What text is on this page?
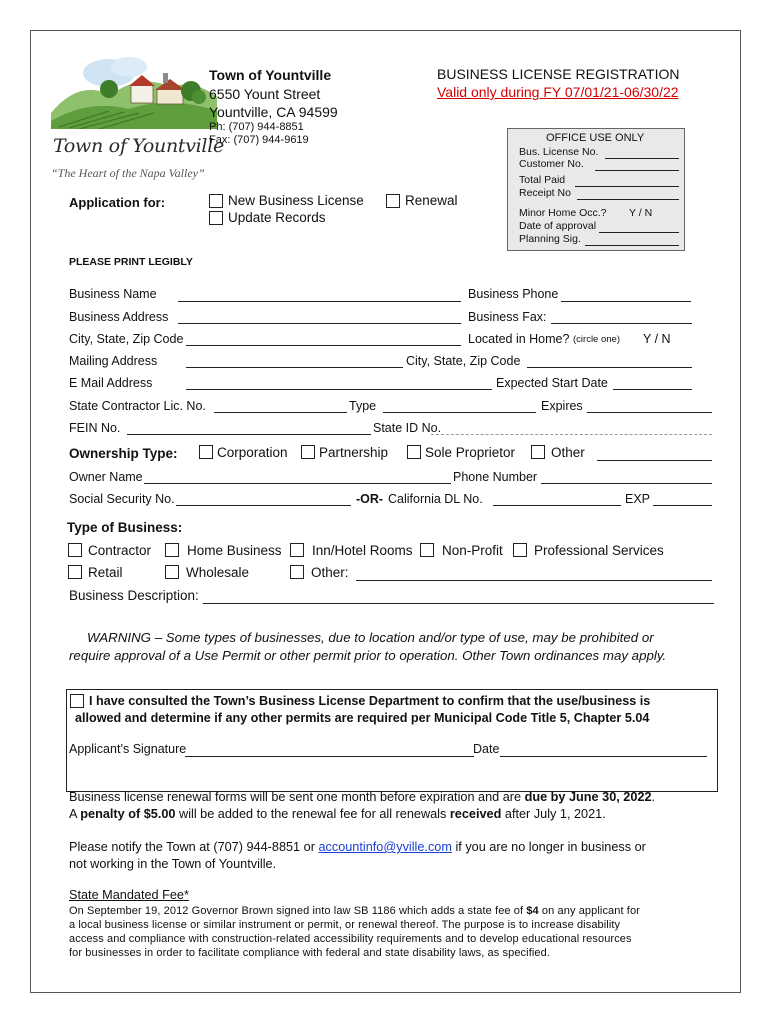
Town of Yountville
“The Heart of the Napa Valley”
Town of Yountville
6550 Yount Street
Yountville, CA 94599
Ph: (707) 944-8851
Fax: (707) 944-9619
BUSINESS LICENSE REGISTRATION
Valid only during FY 07/01/21-06/30/22
OFFICE USE ONLY
Bus. License No.
Customer No.
Total Paid
Receipt No
Minor Home Occ.? Y / N
Date of approval
Planning Sig.
Application for:	New Business License	Renewal
Update Records
PLEASE PRINT LEGIBLY
Business Name	Business Phone
Business Address	Business Fax:
City, State, Zip Code	Located in Home? (circle one) Y / N
Mailing Address	City, State, Zip Code
E Mail Address	Expected Start Date
State Contractor Lic. No.	Type	Expires
FEIN No.	State ID No.
Ownership Type:	Corporation Partnership	Sole Proprietor	Other
Owner Name	Phone Number
Social Security No.	-OR- California DL No.	EXP
Type of Business:
Contractor	Home Business Inn/Hotel Rooms Non-Profit Professional Services
Retail	Wholesale	Other:
Business Description:
WARNING – Some types of businesses, due to location and/or type of use, may be prohibited or
require approval of a Use Permit or other permit prior to operation. Other Town ordinances may apply.
I have consulted the Town’s Business License Department to confirm that the use/business is
allowed and determine if any other permits are required per Municipal Code Title 5, Chapter 5.04
Applicant’s Signature	Date
Business license renewal forms will be sent one month before expiration and are due by June 30, 2022.
A penalty of $5.00 will be added to the renewal fee for all renewals received after July 1, 2021.
Please notify the Town at (707) 944-8851 or accountinfo@yville.com if you are no longer in business or
not working in the Town of Yountville.
State Mandated Fee*
On September 19, 2012 Governor Brown signed into law SB 1186 which adds a state fee of $4 on any applicant for
a local business license or similar instrument or permit, or renewal thereof. The purpose is to increase disability
access and compliance with construction-related accessibility requirements and to develop educational resources
for businesses in order to facilitate compliance with federal and state disability laws, as specified.
